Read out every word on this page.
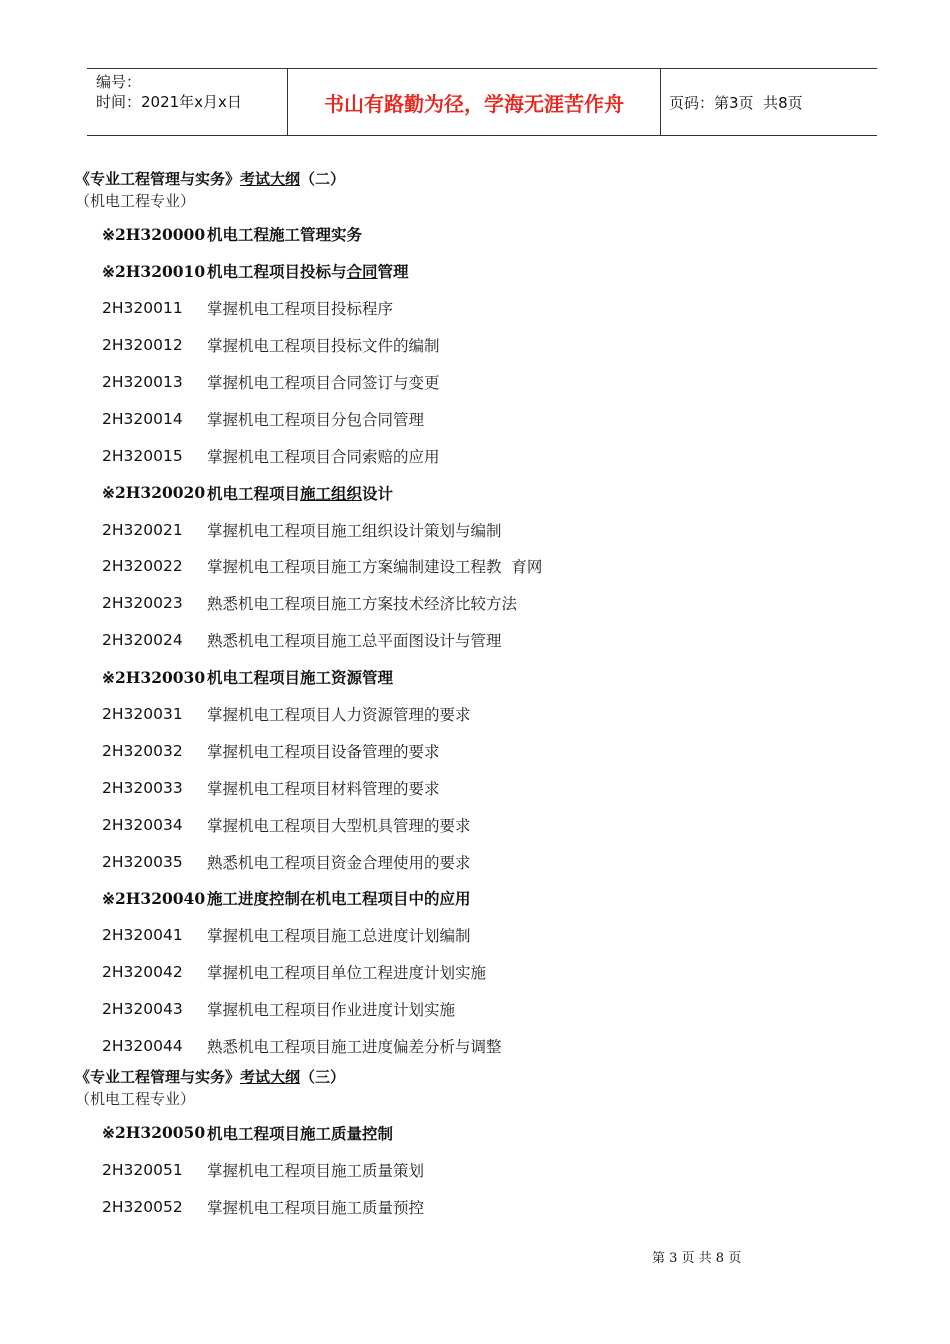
编号：
时间：2021年x月x日	书山有路勤为径，学海无涯苦作舟	页码：第3页  共8页
《专业工程管理与实务》考试大纲（二）
（机电工程专业）
※2H320000 机电工程施工管理实务
※2H320010 机电工程项目投标与合同管理
2H320011	掌握机电工程项目投标程序
2H320012	掌握机电工程项目投标文件的编制
2H320013	掌握机电工程项目合同签订与变更
2H320014	掌握机电工程项目分包合同管理
2H320015	掌握机电工程项目合同索赔的应用
※2H320020 机电工程项目施工组织设计
2H320021	掌握机电工程项目施工组织设计策划与编制
2H320022	掌握机电工程项目施工方案编制建设工程教  育网
2H320023	熟悉机电工程项目施工方案技术经济比较方法
2H320024	熟悉机电工程项目施工总平面图设计与管理
※2H320030 机电工程项目施工资源管理
2H320031	掌握机电工程项目人力资源管理的要求
2H320032	掌握机电工程项目设备管理的要求
2H320033	掌握机电工程项目材料管理的要求
2H320034	掌握机电工程项目大型机具管理的要求
2H320035	熟悉机电工程项目资金合理使用的要求
※2H320040 施工进度控制在机电工程项目中的应用
2H320041	掌握机电工程项目施工总进度计划编制
2H320042	掌握机电工程项目单位工程进度计划实施
2H320043	掌握机电工程项目作业进度计划实施
2H320044	熟悉机电工程项目施工进度偏差分析与调整
《专业工程管理与实务》考试大纲（三）
（机电工程专业）
※2H320050 机电工程项目施工质量控制
2H320051	掌握机电工程项目施工质量策划
2H320052	掌握机电工程项目施工质量预控
第 3 页 共 8 页
